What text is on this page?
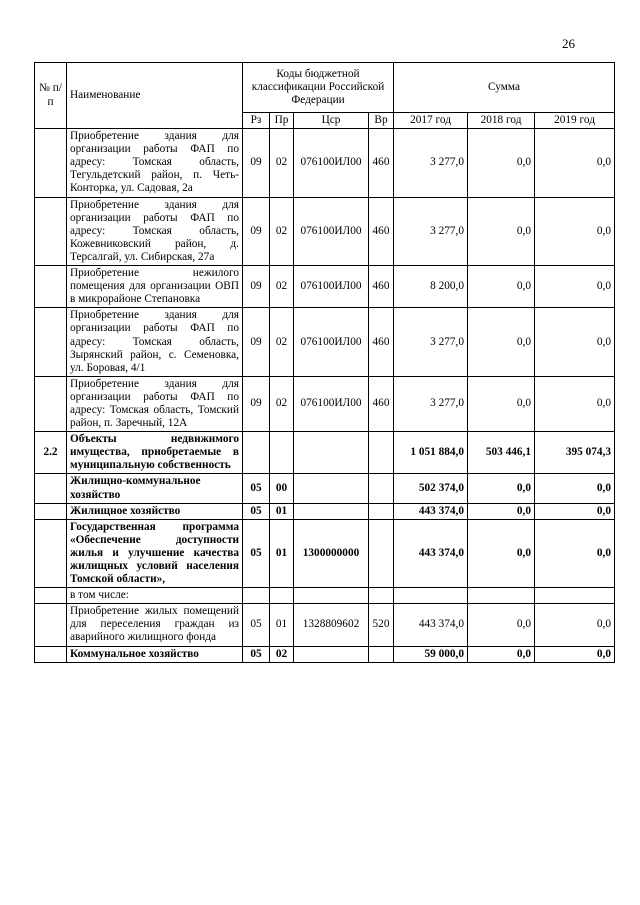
26
№ п/п	Наименование	Коды бюджетной классификации Российской Федерации				Сумма		
		Рз	Пр	Цср	Вр	2017 год	2018 год	2019 год
	Приобретение здания для организации работы ФАП по адресу: Томская область, Тегульдетский район, п. Четь-Конторка, ул. Садовая, 2а	09	02	076100ИЛ00	460	3 277,0	0,0	0,0
	Приобретение здания для организации работы ФАП по адресу: Томская область, Кожевниковский район, д. Терсалгай, ул. Сибирская, 27а	09	02	076100ИЛ00	460	3 277,0	0,0	0,0
	Приобретение нежилого помещения для организации ОВП в микрорайоне Степановка	09	02	076100ИЛ00	460	8 200,0	0,0	0,0
	Приобретение здания для организации работы ФАП по адресу: Томская область, Зырянский район, с. Семеновка, ул. Боровая, 4/1	09	02	076100ИЛ00	460	3 277,0	0,0	0,0
	Приобретение здания для организации работы ФАП по адресу: Томская область, Томский район, п. Заречный, 12А	09	02	076100ИЛ00	460	3 277,0	0,0	0,0
2.2	Объекты недвижимого имущества, приобретаемые в муниципальную собственность					1 051 884,0	503 446,1	395 074,3
	Жилищно-коммунальное хозяйство	05	00			502 374,0	0,0	0,0
	Жилищное хозяйство	05	01			443 374,0	0,0	0,0
	Государственная программа «Обеспечение доступности жилья и улучшение качества жилищных условий населения Томской области»,	05	01	1300000000		443 374,0	0,0	0,0
	в том числе:							
	Приобретение жилых помещений для переселения граждан из аварийного жилищного фонда	05	01	1328809602	520	443 374,0	0,0	0,0
	Коммунальное хозяйство	05	02			59 000,0	0,0	0,0
